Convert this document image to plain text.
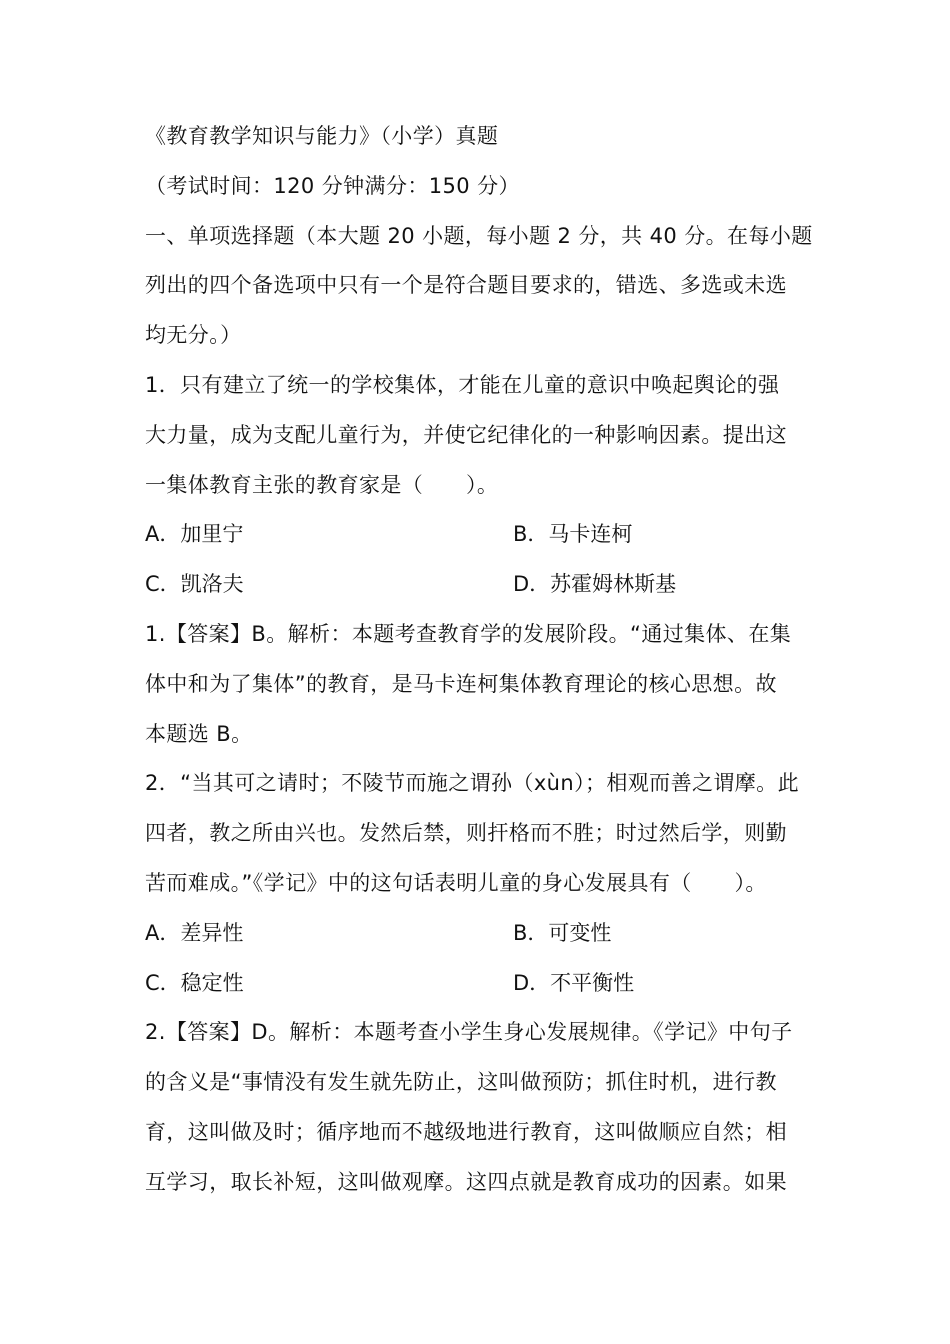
《教育教学知识与能力》（小学）真题
（考试时间：120 分钟满分：150 分）
一、单项选择题（本大题 20 小题，每小题 2 分，共 40 分。在每小题
列出的四个备选项中只有一个是符合题目要求的，错选、多选或未选
均无分。）
1．只有建立了统一的学校集体，才能在儿童的意识中唤起舆论的强
大力量，成为支配儿童行为，并使它纪律化的一种影响因素。提出这
一集体教育主张的教育家是（　　）。
A．加里宁	B．马卡连柯
C．凯洛夫	D．苏霍姆林斯基
1.【答案】B。解析：本题考查教育学的发展阶段。“通过集体、在集
体中和为了集体”的教育，是马卡连柯集体教育理论的核心思想。故
本题选 B。
2．“当其可之请时；不陵节而施之谓孙（xùn）；相观而善之谓摩。此
四者，教之所由兴也。发然后禁，则扞格而不胜；时过然后学，则勤
苦而难成。”《学记》中的这句话表明儿童的身心发展具有（　　）。
A．差异性	B．可变性
C．稳定性	D．不平衡性
2.【答案】D。解析：本题考查小学生身心发展规律。《学记》中句子
的含义是“事情没有发生就先防止，这叫做预防；抓住时机，进行教
育，这叫做及时；循序地而不越级地进行教育，这叫做顺应自然；相
互学习，取长补短，这叫做观摩。这四点就是教育成功的因素。如果
